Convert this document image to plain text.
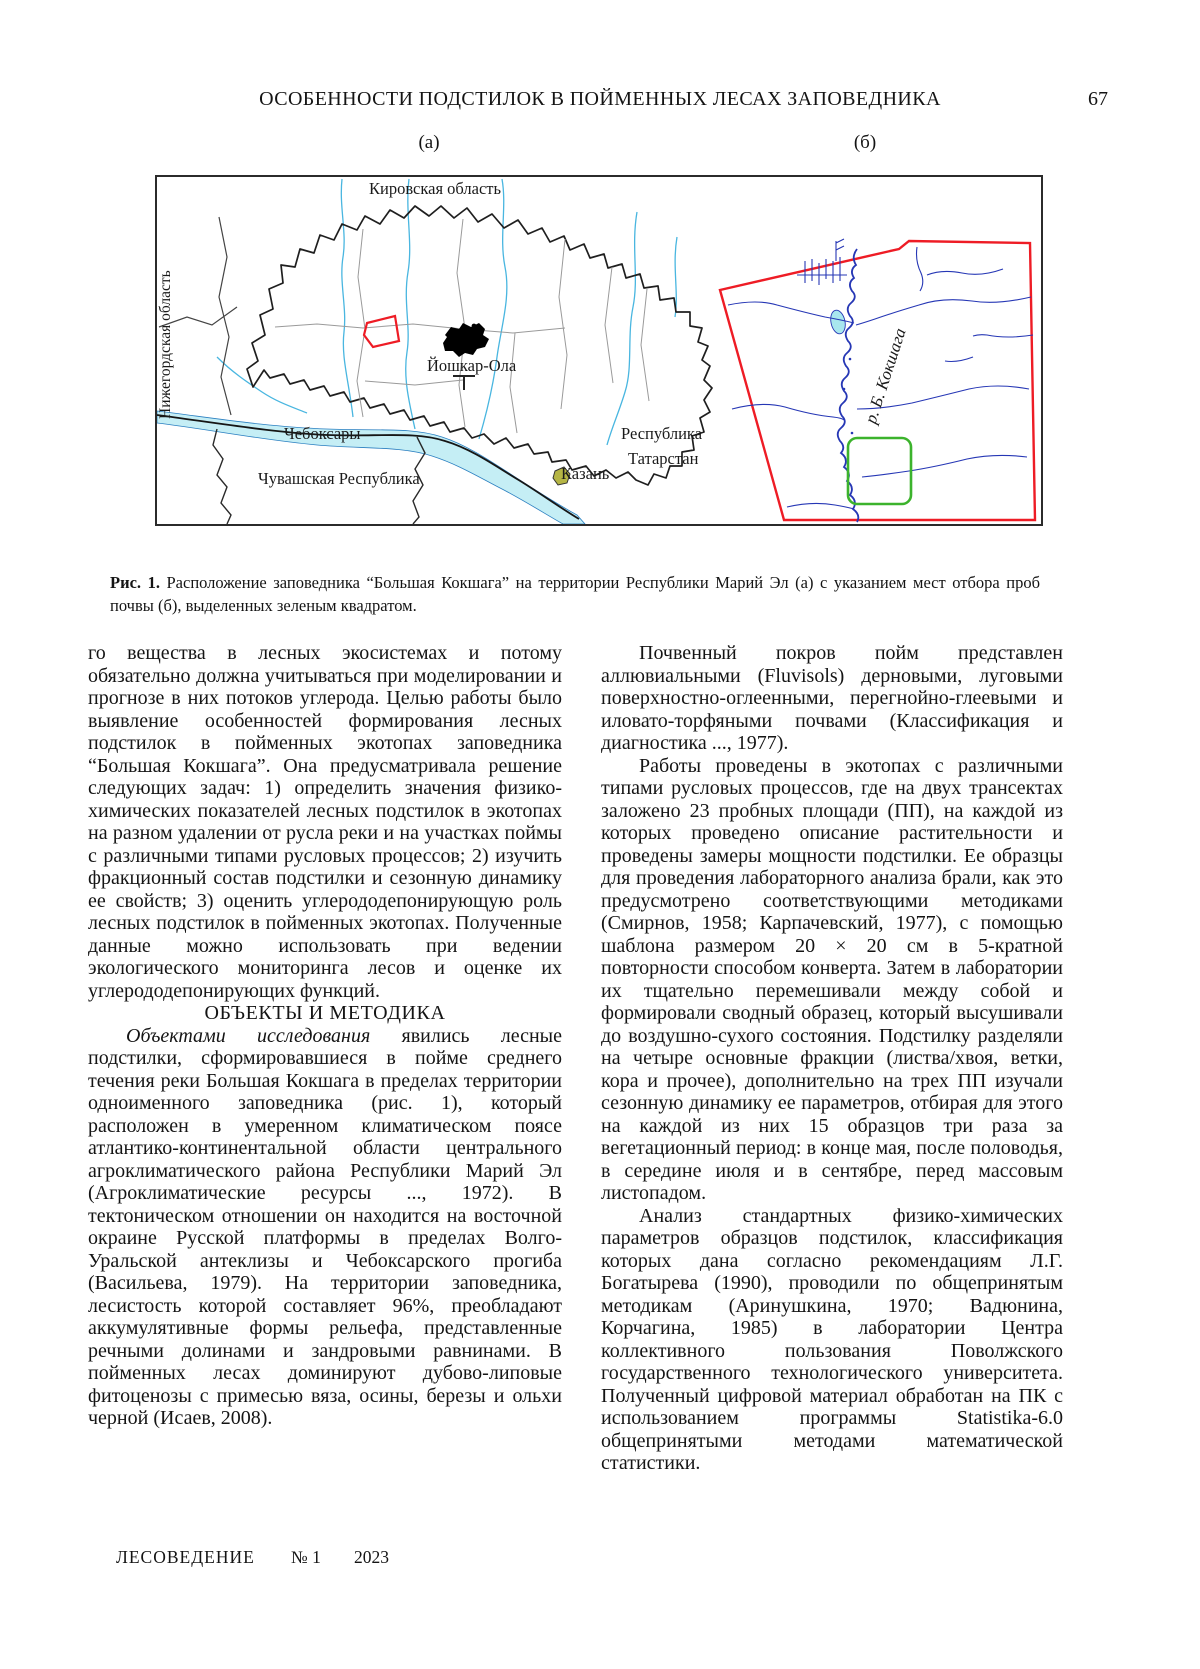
ОСОБЕННОСТИ ПОДСТИЛОК В ПОЙМЕННЫХ ЛЕСАХ ЗАПОВЕДНИКА	67
(а)	(б)
Кировская область
Нижегордская область	Йошкар-Ола
Чебоксары
Чувашская Республика
Республика
Татарстан
Казань
р. Б. Кокшага

Рис. 1. Расположение заповедника “Большая Кокшага” на территории Республики Марий Эл (а) с указанием мест отбора проб почвы (б), выделенных зеленым квадратом.

го вещества в лесных экосистемах и потому обязательно должна учитываться при моделировании и прогнозе в них потоков углерода. Целью работы было выявление особенностей формирования лесных подстилок в пойменных экотопах заповедника “Большая Кокшага”. Она предусматривала решение следующих задач: 1) определить значения физико-химических показателей лесных подстилок в экотопах на разном удалении от русла реки и на участках поймы с различными типами русловых процессов; 2) изучить фракционный состав подстилки и сезонную динамику ее свойств; 3) оценить углерододепонирующую роль лесных подстилок в пойменных экотопах. Полученные данные можно использовать при ведении экологического мониторинга лесов и оценке их углерододепонирующих функций.

ОБЪЕКТЫ И МЕТОДИКА

Объектами исследования явились лесные подстилки, сформировавшиеся в пойме среднего течения реки Большая Кокшага в пределах территории одноименного заповедника (рис. 1), который расположен в умеренном климатическом поясе атлантико-континентальной области центрального агроклиматического района Республики Марий Эл (Агроклиматические ресурсы ..., 1972). В тектоническом отношении он находится на восточной окраине Русской платформы в пределах Волго-Уральской антеклизы и Чебоксарского прогиба (Васильева, 1979). На территории заповедника, лесистость которой составляет 96%, преобладают аккумулятивные формы рельефа, представленные речными долинами и зандровыми равнинами. В пойменных лесах доминируют дубово-липовые фитоценозы с примесью вяза, осины, березы и ольхи черной (Исаев, 2008).

Почвенный покров пойм представлен аллювиальными (Fluvisols) дерновыми, луговыми поверхностно-оглеенными, перегнойно-глеевыми и иловато-торфяными почвами (Классификация и диагностика ..., 1977).

Работы проведены в экотопах с различными типами русловых процессов, где на двух трансектах заложено 23 пробных площади (ПП), на каждой из которых проведено описание растительности и проведены замеры мощности подстилки. Ее образцы для проведения лабораторного анализа брали, как это предусмотрено соответствующими методиками (Смирнов, 1958; Карпачевский, 1977), с помощью шаблона размером 20 × 20 см в 5-кратной повторности способом конверта. Затем в лаборатории их тщательно перемешивали между собой и формировали сводный образец, который высушивали до воздушно-сухого состояния. Подстилку разделяли на четыре основные фракции (листва/хвоя, ветки, кора и прочее), дополнительно на трех ПП изучали сезонную динамику ее параметров, отбирая для этого на каждой из них 15 образцов три раза за вегетационный период: в конце мая, после половодья, в середине июля и в сентябре, перед массовым листопадом.

Анализ стандартных физико-химических параметров образцов подстилок, классификация которых дана согласно рекомендациям Л.Г. Богатырева (1990), проводили по общепринятым методикам (Аринушкина, 1970; Вадюнина, Корчагина, 1985) в лаборатории Центра коллективного пользования Поволжского государственного технологического университета. Полученный цифровой материал обработан на ПК с использованием программы Statistika-6.0 общепринятыми методами математической статистики.

ЛЕСОВЕДЕНИЕ № 1 2023
